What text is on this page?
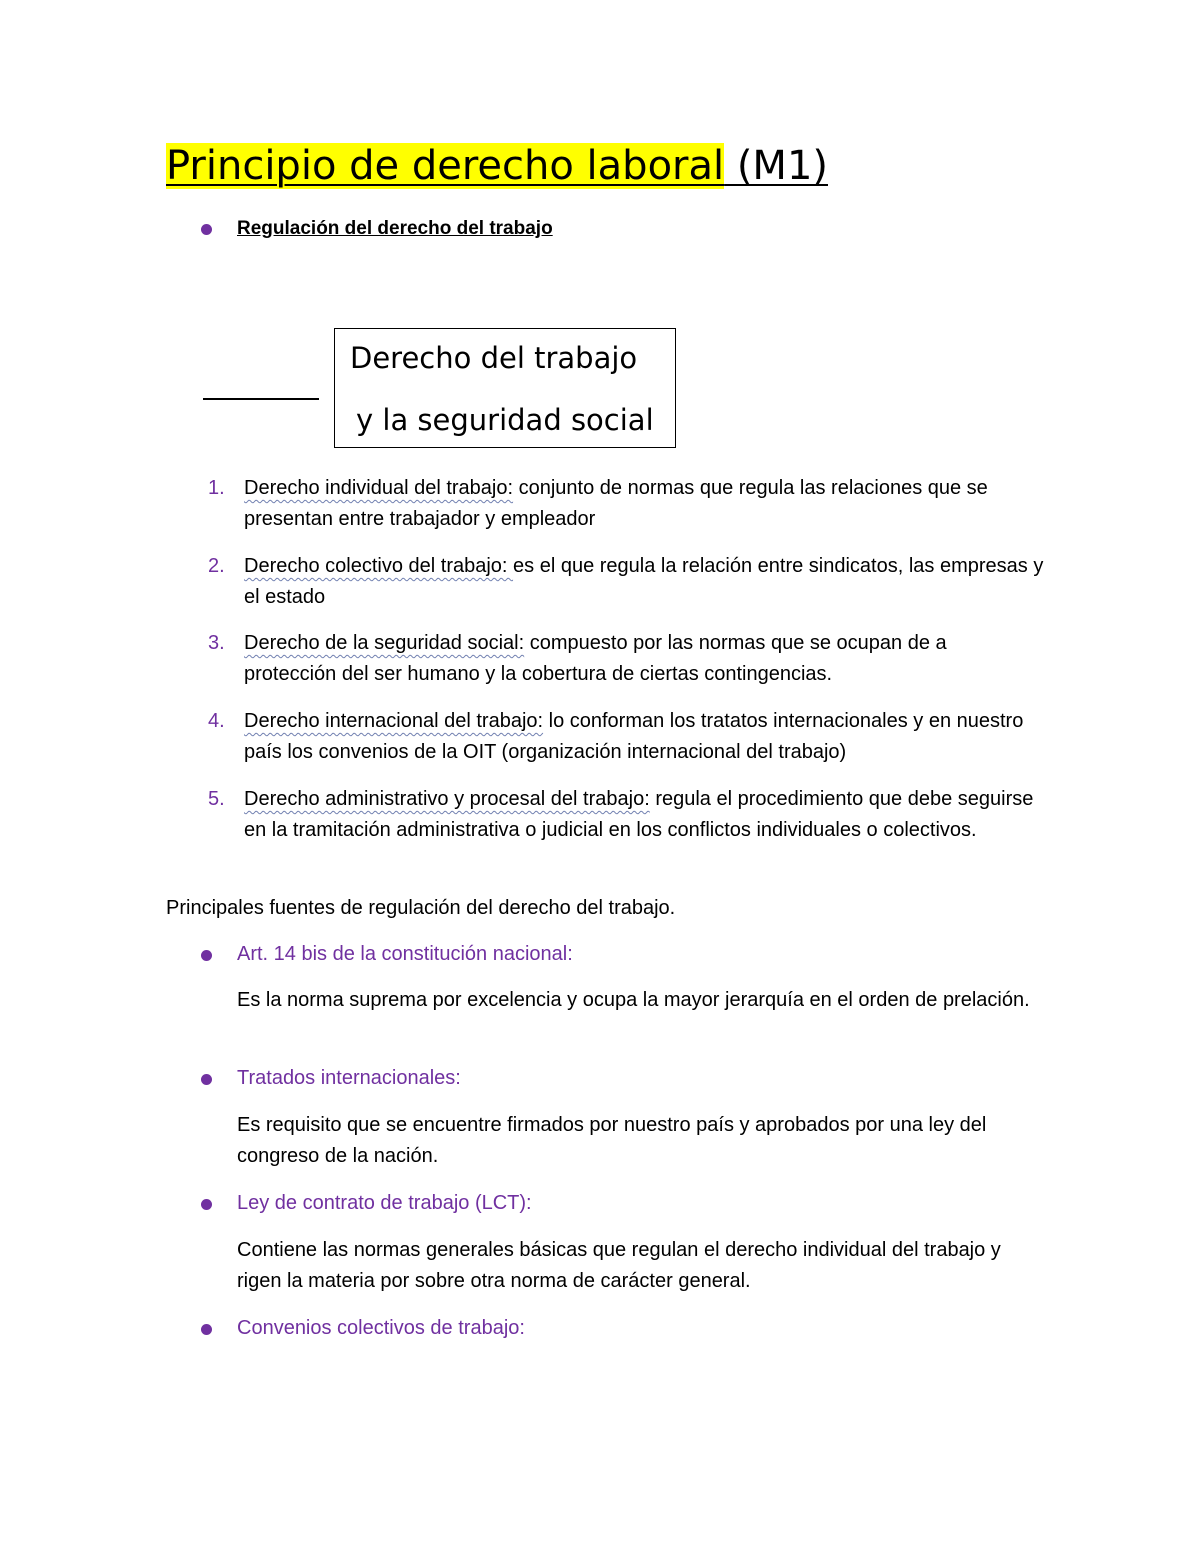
Principio de derecho laboral (M1)
Regulación del derecho del trabajo
Derecho del trabajo
y la seguridad social
1. Derecho individual del trabajo: conjunto de normas que regula las relaciones que se presentan entre trabajador y empleador
2. Derecho colectivo del trabajo: es el que regula la relación entre sindicatos, las empresas y el estado
3. Derecho de la seguridad social: compuesto por las normas que se ocupan de a protección del ser humano y la cobertura de ciertas contingencias.
4. Derecho internacional del trabajo: lo conforman los tratatos internacionales y en nuestro país los convenios de la OIT (organización internacional del trabajo)
5. Derecho administrativo y procesal del trabajo: regula el procedimiento que debe seguirse en la tramitación administrativa o judicial en los conflictos individuales o colectivos.
Principales fuentes de regulación del derecho del trabajo.
Art. 14 bis de la constitución nacional:
Es la norma suprema por excelencia y ocupa la mayor jerarquía en el orden de prelación.
Tratados internacionales:
Es requisito que se encuentre firmados por nuestro país y aprobados por una ley del congreso de la nación.
Ley de contrato de trabajo (LCT):
Contiene las normas generales básicas que regulan el derecho individual del trabajo y rigen la materia por sobre otra norma de carácter general.
Convenios colectivos de trabajo:
